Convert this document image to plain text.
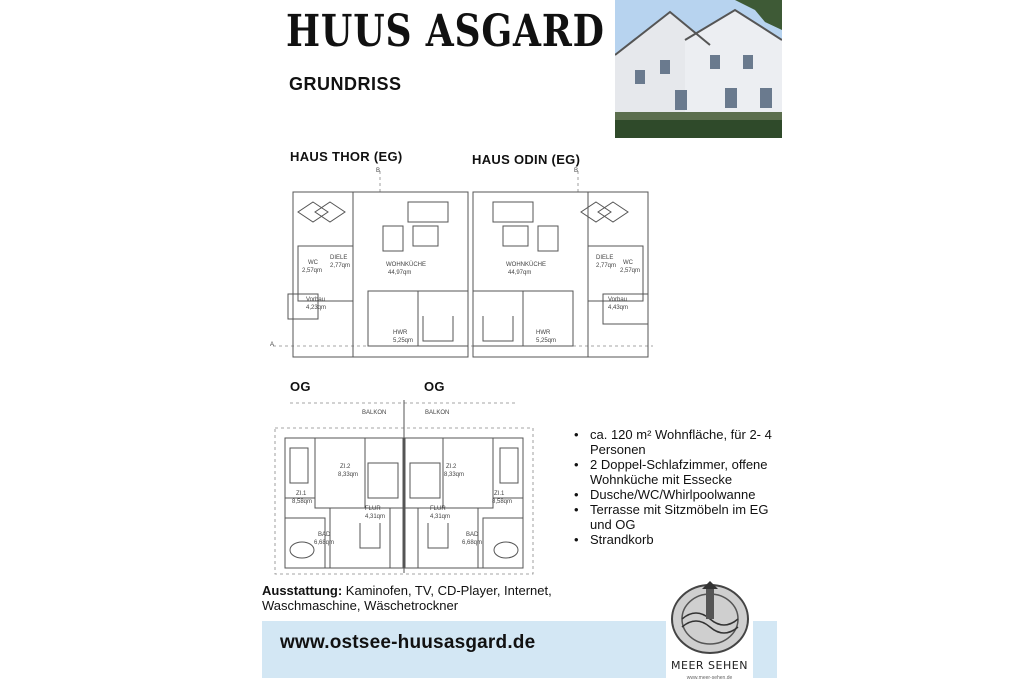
HUUS ASGARD
GRUNDRISS
HAUS THOR (EG)	HAUS ODIN (EG)
A
B	B
WOHNKÜCHE
44,97qm
DIELE
2,77qm
WC
2,57qm
Vorbau
4,23qm
HWR
5,25qm
WOHNKÜCHE
44,97qm
DIELE
2,77qm WC
2,57qm
Vorbau
4,43qm
HWR
5,25qm
OG	OG
BALKON	BALKON
ZI.2
8,33qm
ZI.1
8,58qm
FLUR
4,31qm
BAD
6,68qm
ZI.2
8,33qm
ZI.1
8,58qm
FLUR
4,31qm
BAD
6,68qm
• ca. 120 m² Wohnfläche, für 2- 4 Personen
• 2 Doppel-Schlafzimmer, offene Wohnküche mit Essecke
• Dusche/WC/Whirlpoolwanne
• Terrasse mit Sitzmöbeln im EG und OG
• Strandkorb
Ausstattung: Kaminofen, TV, CD-Player, Internet, Waschmaschine, Wäschetrockner
www.ostsee-huusasgard.de
MEER SEHEN
www.meer-sehen.de
